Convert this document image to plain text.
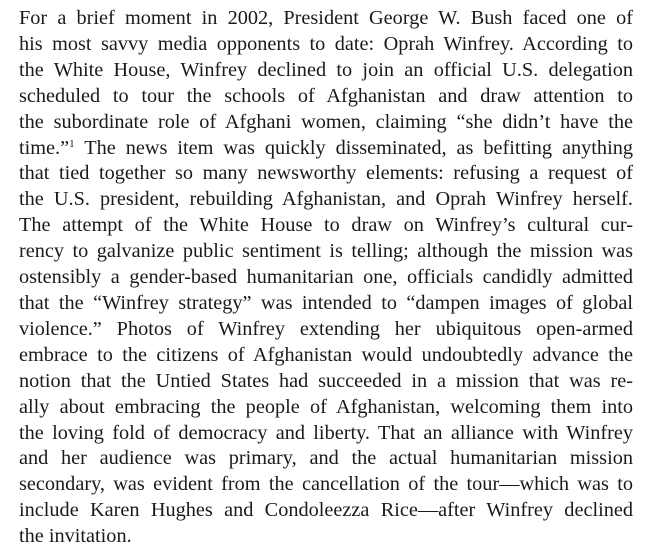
For a brief moment in 2002, President George W. Bush faced one of
his most savvy media opponents to date: Oprah Winfrey. According to
the White House, Winfrey declined to join an official U.S. delegation
scheduled to tour the schools of Afghanistan and draw attention to
the subordinate role of Afghani women, claiming “she didn’t have the
time.”$^1$ The news item was quickly disseminated, as befitting anything
that tied together so many newsworthy elements: refusing a request of
the U.S. president, rebuilding Afghanistan, and Oprah Winfrey herself.
The attempt of the White House to draw on Winfrey’s cultural cur-
rency to galvanize public sentiment is telling; although the mission was
ostensibly a gender-based humanitarian one, officials candidly admitted
that the “Winfrey strategy” was intended to “dampen images of global
violence.” Photos of Winfrey extending her ubiquitous open-armed
embrace to the citizens of Afghanistan would undoubtedly advance the
notion that the Untied States had succeeded in a mission that was re-
ally about embracing the people of Afghanistan, welcoming them into
the loving fold of democracy and liberty. That an alliance with Winfrey
and her audience was primary, and the actual humanitarian mission
secondary, was evident from the cancellation of the tour—which was to
include Karen Hughes and Condoleezza Rice—after Winfrey declined
the invitation.
